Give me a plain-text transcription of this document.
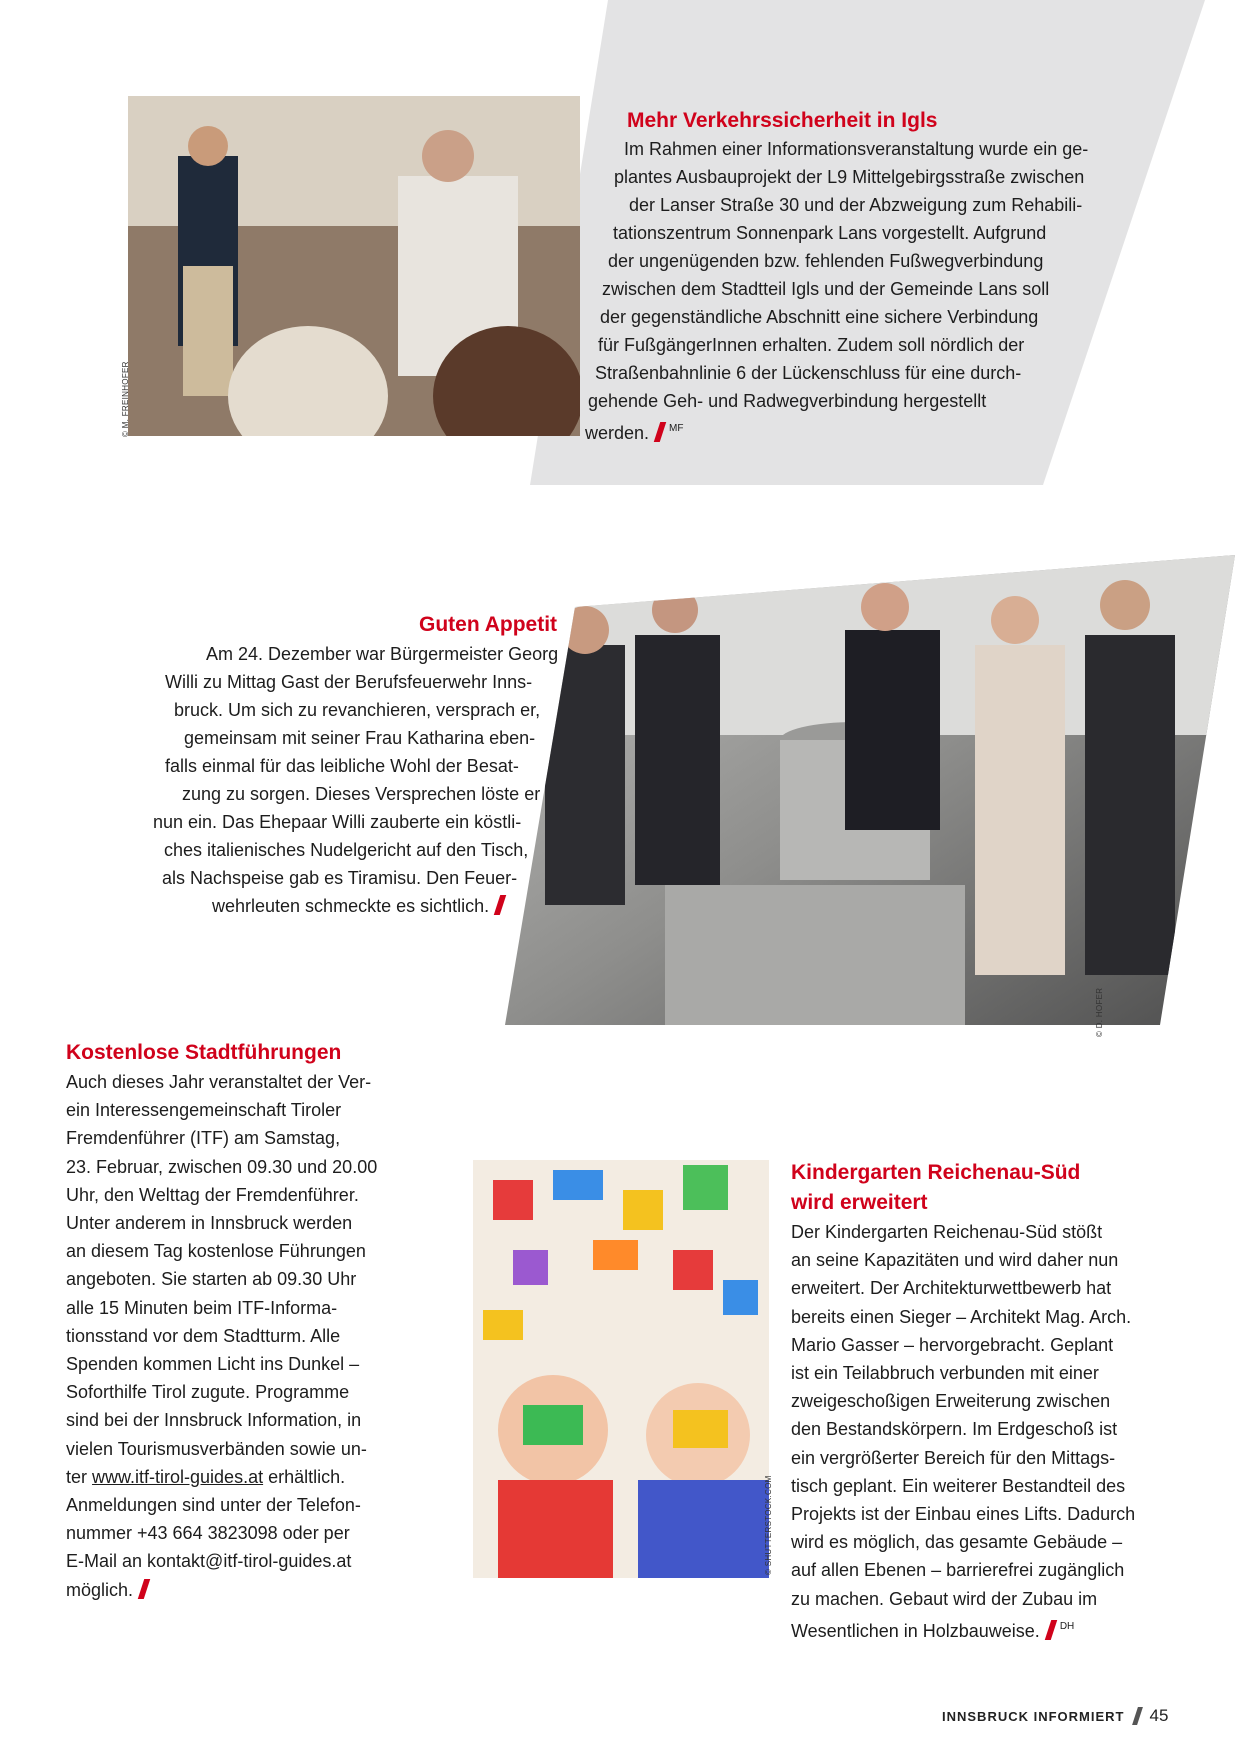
© M. FREINHOFER
Mehr Verkehrssicherheit in Igls
Im Rahmen einer Informationsveranstaltung wurde ein ge-
plantes Ausbauprojekt der L9 Mittelgebirgsstraße zwischen
der Lanser Straße 30 und der Abzweigung zum Rehabili-
tationszentrum Sonnenpark Lans vorgestellt. Aufgrund
der ungenügenden bzw. fehlenden Fußwegverbindung
zwischen dem Stadtteil Igls und der Gemeinde Lans soll
der gegenständliche Abschnitt eine sichere Verbindung
für FußgängerInnen erhalten. Zudem soll nördlich der
Straßenbahnlinie 6 der Lückenschluss für eine durch-
gehende Geh- und Radwegverbindung hergestellt
werden. $^{MF}$
© D. HOFER
Guten Appetit
Am 24. Dezember war Bürgermeister Georg
Willi zu Mittag Gast der Berufsfeuerwehr Inns-
bruck. Um sich zu revanchieren, versprach er,
gemeinsam mit seiner Frau Katharina eben-
falls einmal für das leibliche Wohl der Besat-
zung zu sorgen. Dieses Versprechen löste er
nun ein. Das Ehepaar Willi zauberte ein köstli-
ches italienisches Nudelgericht auf den Tisch,
als Nachspeise gab es Tiramisu. Den Feuer-
wehrleuten schmeckte es sichtlich.
Kostenlose Stadtführungen
Auch dieses Jahr veranstaltet der Ver-
ein Interessengemeinschaft Tiroler
Fremdenführer (ITF) am Samstag,
23. Februar, zwischen 09.30 und 20.00
Uhr, den Welttag der Fremdenführer.
Unter anderem in Innsbruck werden
an diesem Tag kostenlose Führungen
angeboten. Sie starten ab 09.30 Uhr
alle 15 Minuten beim ITF-Informa-
tionsstand vor dem Stadtturm. Alle
Spenden kommen Licht ins Dunkel –
Soforthilfe Tirol zugute. Programme
sind bei der Innsbruck Information, in
vielen Tourismusverbänden sowie un-
ter www.itf-tirol-guides.at erhältlich.
Anmeldungen sind unter der Telefon-
nummer +43 664 3823098 oder per
E-Mail an kontakt@itf-tirol-guides.at
möglich.
© SHUTTERSTOCK.COM
Kindergarten Reichenau-Süd
wird erweitert
Der Kindergarten Reichenau-Süd stößt
an seine Kapazitäten und wird daher nun
erweitert. Der Architekturwettbewerb hat
bereits einen Sieger – Architekt Mag. Arch.
Mario Gasser – hervorgebracht. Geplant
ist ein Teilabbruch verbunden mit einer
zweigeschoßigen Erweiterung zwischen
den Bestandskörpern. Im Erdgeschoß ist
ein vergrößerter Bereich für den Mittags-
tisch geplant. Ein weiterer Bestandteil des
Projekts ist der Einbau eines Lifts. Dadurch
wird es möglich, das gesamte Gebäude –
auf allen Ebenen – barrierefrei zugänglich
zu machen. Gebaut wird der Zubau im
Wesentlichen in Holzbauweise. $^{DH}$
INNSBRUCK INFORMIERT 45
